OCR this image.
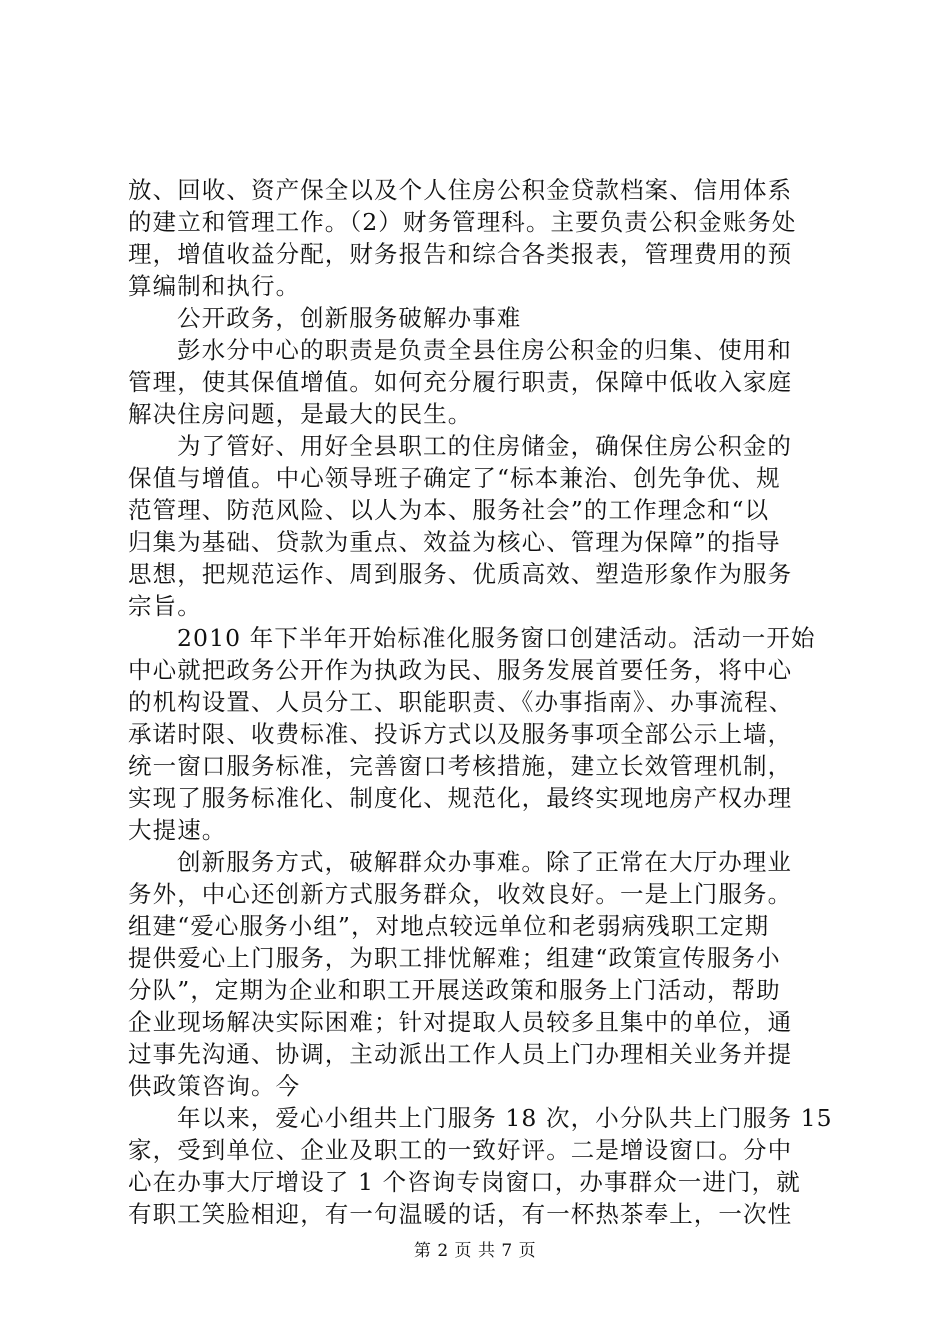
放、回收、资产保全以及个人住房公积金贷款档案、信用体系
的建立和管理工作。（2）财务管理科。主要负责公积金账务处
理，增值收益分配，财务报告和综合各类报表，管理费用的预
算编制和执行。
公开政务，创新服务破解办事难
彭水分中心的职责是负责全县住房公积金的归集、使用和
管理，使其保值增值。如何充分履行职责，保障中低收入家庭
解决住房问题，是最大的民生。
为了管好、用好全县职工的住房储金，确保住房公积金的
保值与增值。中心领导班子确定了“标本兼治、创先争优、规
范管理、防范风险、以人为本、服务社会”的工作理念和“以
归集为基础、贷款为重点、效益为核心、管理为保障”的指导
思想，把规范运作、周到服务、优质高效、塑造形象作为服务
宗旨。
2010 年下半年开始标准化服务窗口创建活动。活动一开始
中心就把政务公开作为执政为民、服务发展首要任务，将中心
的机构设置、人员分工、职能职责、《办事指南》、办事流程、
承诺时限、收费标准、投诉方式以及服务事项全部公示上墙，
统一窗口服务标准，完善窗口考核措施，建立长效管理机制，
实现了服务标准化、制度化、规范化，最终实现地房产权办理
大提速。
创新服务方式，破解群众办事难。除了正常在大厅办理业
务外，中心还创新方式服务群众，收效良好。一是上门服务。
组建“爱心服务小组”，对地点较远单位和老弱病残职工定期
提供爱心上门服务，为职工排忧解难；组建“政策宣传服务小
分队”，定期为企业和职工开展送政策和服务上门活动，帮助
企业现场解决实际困难；针对提取人员较多且集中的单位，通
过事先沟通、协调，主动派出工作人员上门办理相关业务并提
供政策咨询。今
年以来，爱心小组共上门服务 18 次，小分队共上门服务 15
家，受到单位、企业及职工的一致好评。二是增设窗口。分中
心在办事大厅增设了 1 个咨询专岗窗口，办事群众一进门，就
有职工笑脸相迎，有一句温暖的话，有一杯热茶奉上，一次性
第 2 页 共 7 页
